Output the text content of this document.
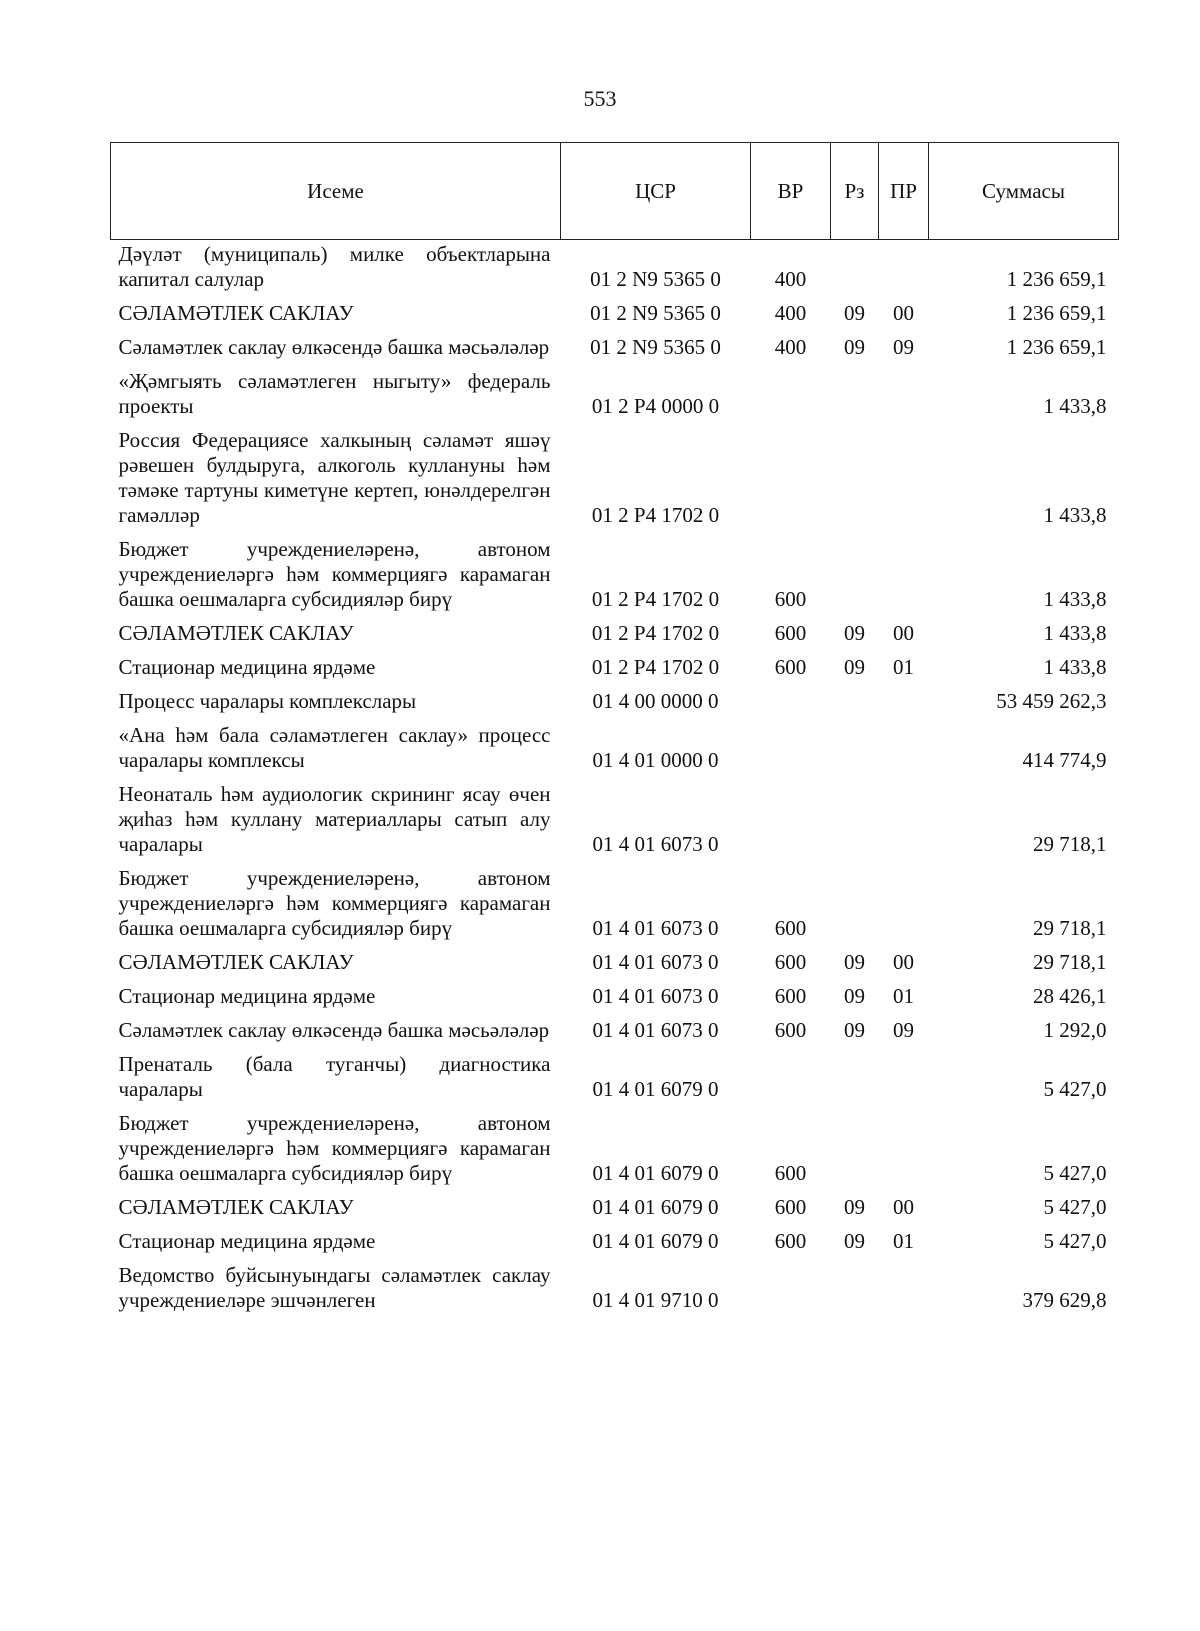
553
Исеме	ЦСР	ВР	Рз	ПР	Суммасы
Дәүләт (муниципаль) милке объектларына капитал салулар	01 2 N9 5365 0	400			1 236 659,1
СӘЛАМӘТЛЕК САКЛАУ	01 2 N9 5365 0	400	09	00	1 236 659,1
Сәламәтлек саклау өлкәсендә башка мәсьәләләр	01 2 N9 5365 0	400	09	09	1 236 659,1
«Җәмгыять сәламәтлеген ныгыту» федераль проекты	01 2 P4 0000 0				1 433,8
Россия Федерациясе халкының сәламәт яшәү рәвешен булдыруга, алкоголь куллануны һәм тәмәке тартуны киметүне кертеп, юнәлдерелгән гамәлләр	01 2 P4 1702 0				1 433,8
Бюджет учреждениеләренә, автоном учреждениеләргә һәм коммерциягә карамаган башка оешмаларга субсидияләр бирү	01 2 P4 1702 0	600			1 433,8
СӘЛАМӘТЛЕК САКЛАУ	01 2 P4 1702 0	600	09	00	1 433,8
Стационар медицина ярдәме	01 2 P4 1702 0	600	09	01	1 433,8
Процесс чаралары комплекслары	01 4 00 0000 0				53 459 262,3
«Ана һәм бала сәламәтлеген саклау» процесс чаралары комплексы	01 4 01 0000 0				414 774,9
Неонаталь һәм аудиологик скрининг ясау өчен җиһаз һәм куллану материаллары сатып алу чаралары	01 4 01 6073 0				29 718,1
Бюджет учреждениеләренә, автоном учреждениеләргә һәм коммерциягә карамаган башка оешмаларга субсидияләр бирү	01 4 01 6073 0	600			29 718,1
СӘЛАМӘТЛЕК САКЛАУ	01 4 01 6073 0	600	09	00	29 718,1
Стационар медицина ярдәме	01 4 01 6073 0	600	09	01	28 426,1
Сәламәтлек саклау өлкәсендә башка мәсьәләләр	01 4 01 6073 0	600	09	09	1 292,0
Пренаталь (бала туганчы) диагностика чаралары	01 4 01 6079 0				5 427,0
Бюджет учреждениеләренә, автоном учреждениеләргә һәм коммерциягә карамаган башка оешмаларга субсидияләр бирү	01 4 01 6079 0	600			5 427,0
СӘЛАМӘТЛЕК САКЛАУ	01 4 01 6079 0	600	09	00	5 427,0
Стационар медицина ярдәме	01 4 01 6079 0	600	09	01	5 427,0
Ведомство буйсынуындагы сәламәтлек саклау учреждениеләре эшчәнлеген	01 4 01 9710 0				379 629,8
